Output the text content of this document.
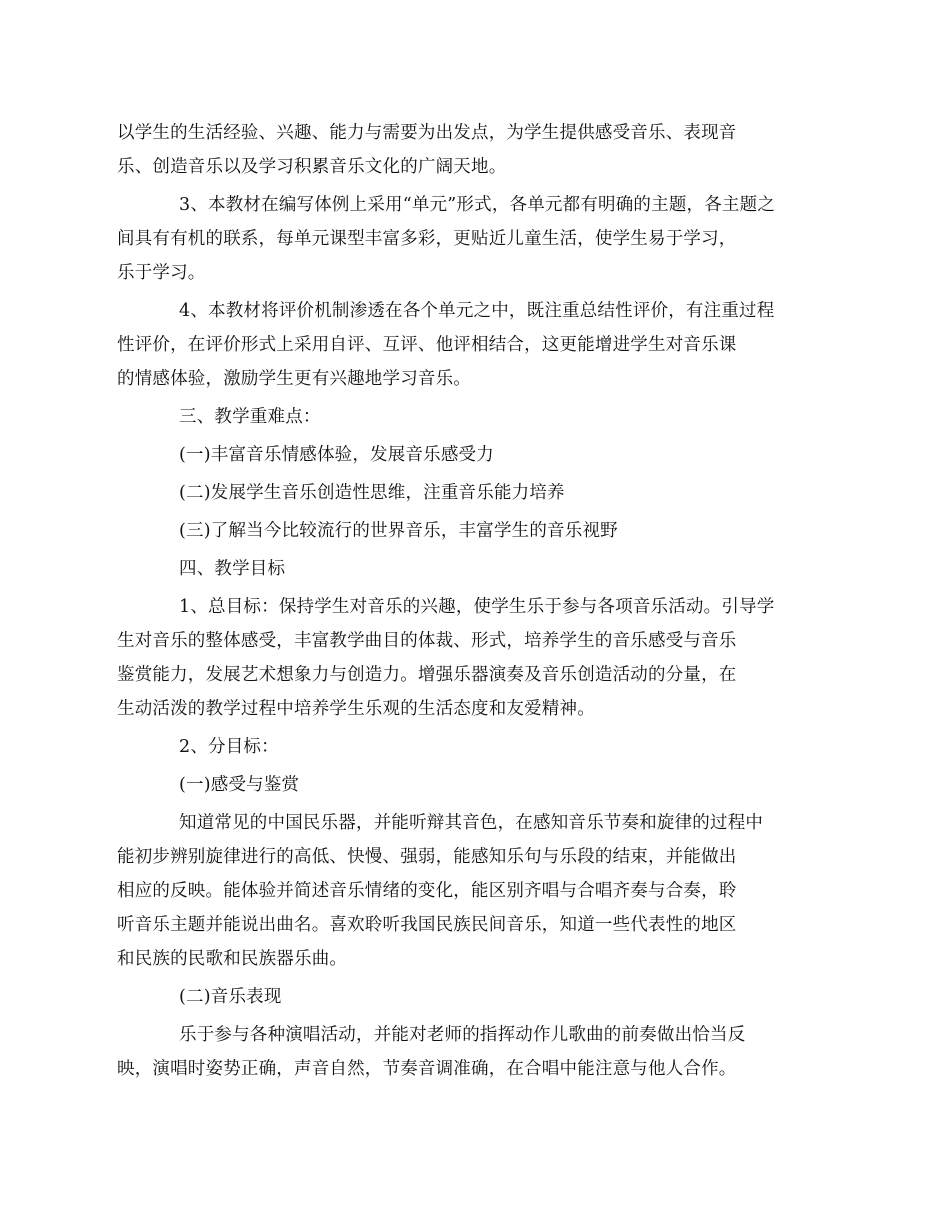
以学生的生活经验、兴趣、能力与需要为出发点，为学生提供感受音乐、表现音
乐、创造音乐以及学习积累音乐文化的广阔天地。
3、本教材在编写体例上采用“单元”形式，各单元都有明确的主题，各主题之
间具有有机的联系，每单元课型丰富多彩，更贴近儿童生活，使学生易于学习，
乐于学习。
4、本教材将评价机制渗透在各个单元之中，既注重总结性评价，有注重过程
性评价，在评价形式上采用自评、互评、他评相结合，这更能增进学生对音乐课
的情感体验，激励学生更有兴趣地学习音乐。
三、教学重难点：
(一)丰富音乐情感体验，发展音乐感受力
(二)发展学生音乐创造性思维，注重音乐能力培养
(三)了解当今比较流行的世界音乐，丰富学生的音乐视野
四、教学目标
1、总目标：保持学生对音乐的兴趣，使学生乐于参与各项音乐活动。引导学
生对音乐的整体感受，丰富教学曲目的体裁、形式，培养学生的音乐感受与音乐
鉴赏能力，发展艺术想象力与创造力。增强乐器演奏及音乐创造活动的分量，在
生动活泼的教学过程中培养学生乐观的生活态度和友爱精神。
2、分目标：
(一)感受与鉴赏
知道常见的中国民乐器，并能听辩其音色，在感知音乐节奏和旋律的过程中
能初步辨别旋律进行的高低、快慢、强弱，能感知乐句与乐段的结束，并能做出
相应的反映。能体验并简述音乐情绪的变化，能区别齐唱与合唱齐奏与合奏，聆
听音乐主题并能说出曲名。喜欢聆听我国民族民间音乐，知道一些代表性的地区
和民族的民歌和民族器乐曲。
(二)音乐表现
乐于参与各种演唱活动，并能对老师的指挥动作儿歌曲的前奏做出恰当反
映，演唱时姿势正确，声音自然，节奏音调准确，在合唱中能注意与他人合作。
